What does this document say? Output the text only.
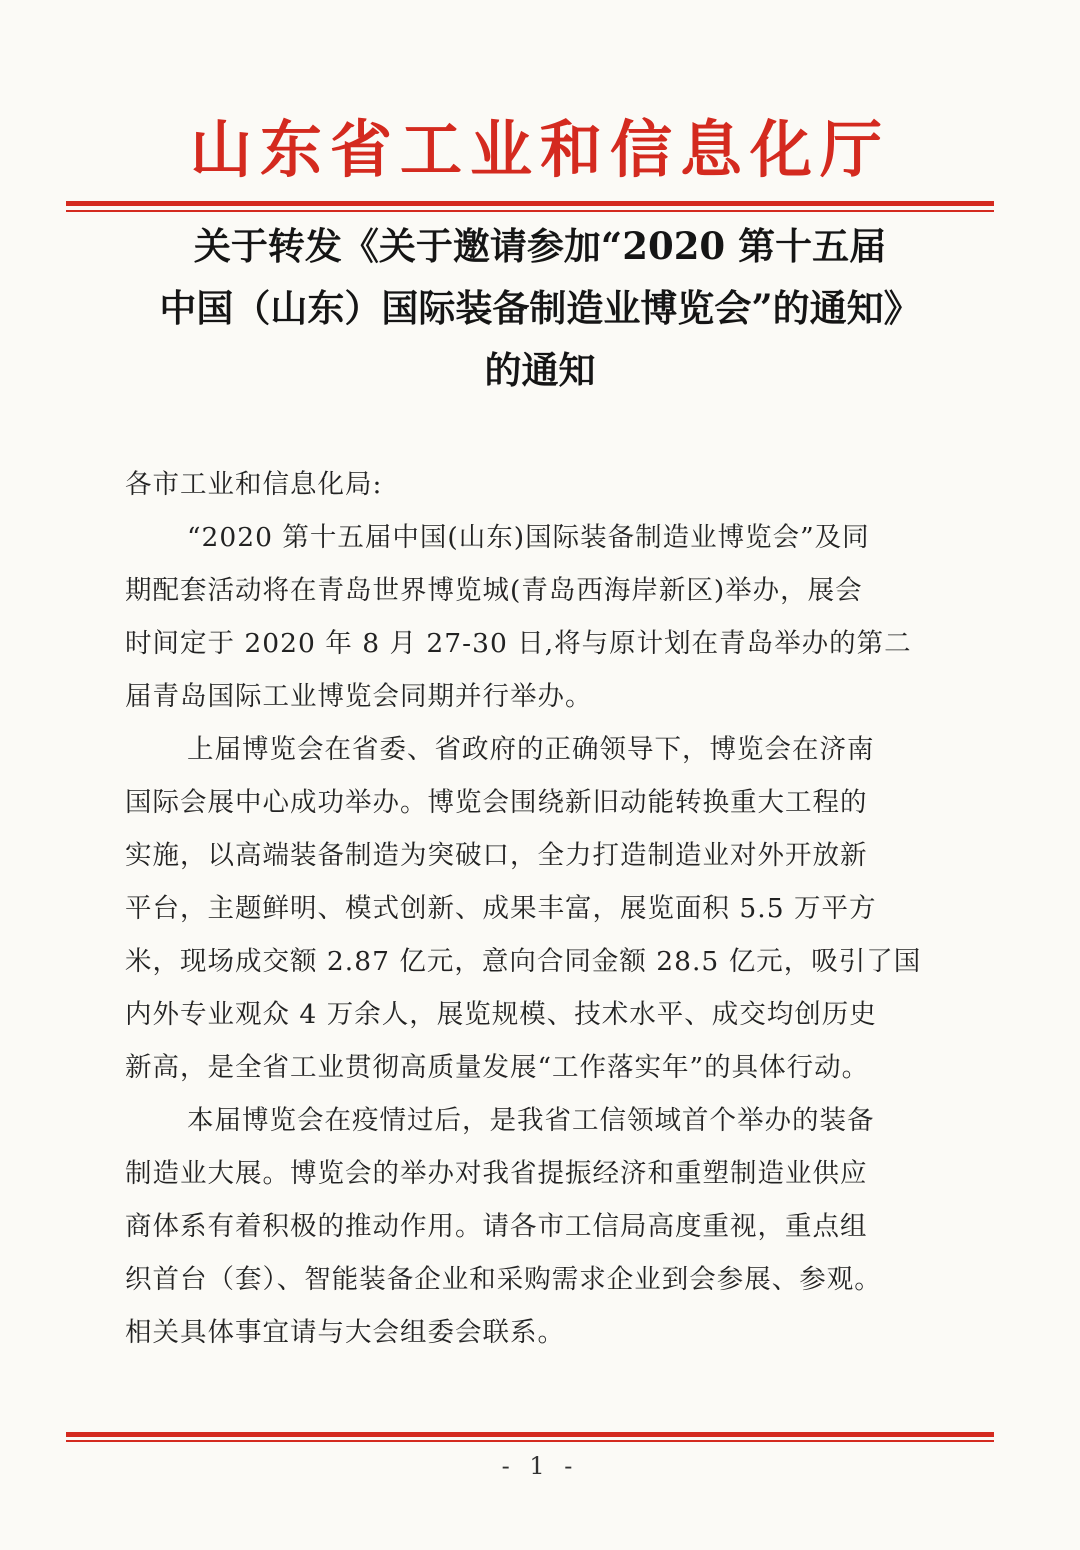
山东省工业和信息化厅
关于转发《关于邀请参加“2020 第十五届
中国（山东）国际装备制造业博览会”的通知》
的通知
各市工业和信息化局:
“2020 第十五届中国(山东)国际装备制造业博览会”及同
期配套活动将在青岛世界博览城(青岛西海岸新区)举办，展会
时间定于 2020 年 8 月 27-30 日,将与原计划在青岛举办的第二
届青岛国际工业博览会同期并行举办。
上届博览会在省委、省政府的正确领导下，博览会在济南
国际会展中心成功举办。博览会围绕新旧动能转换重大工程的
实施，以高端装备制造为突破口，全力打造制造业对外开放新
平台，主题鲜明、模式创新、成果丰富，展览面积 5.5 万平方
米，现场成交额 2.87 亿元，意向合同金额 28.5 亿元，吸引了国
内外专业观众 4 万余人，展览规模、技术水平、成交均创历史
新高，是全省工业贯彻高质量发展“工作落实年”的具体行动。
本届博览会在疫情过后，是我省工信领域首个举办的装备
制造业大展。博览会的举办对我省提振经济和重塑制造业供应
商体系有着积极的推动作用。请各市工信局高度重视，重点组
织首台（套）、智能装备企业和采购需求企业到会参展、参观。
相关具体事宜请与大会组委会联系。
- 1 -
